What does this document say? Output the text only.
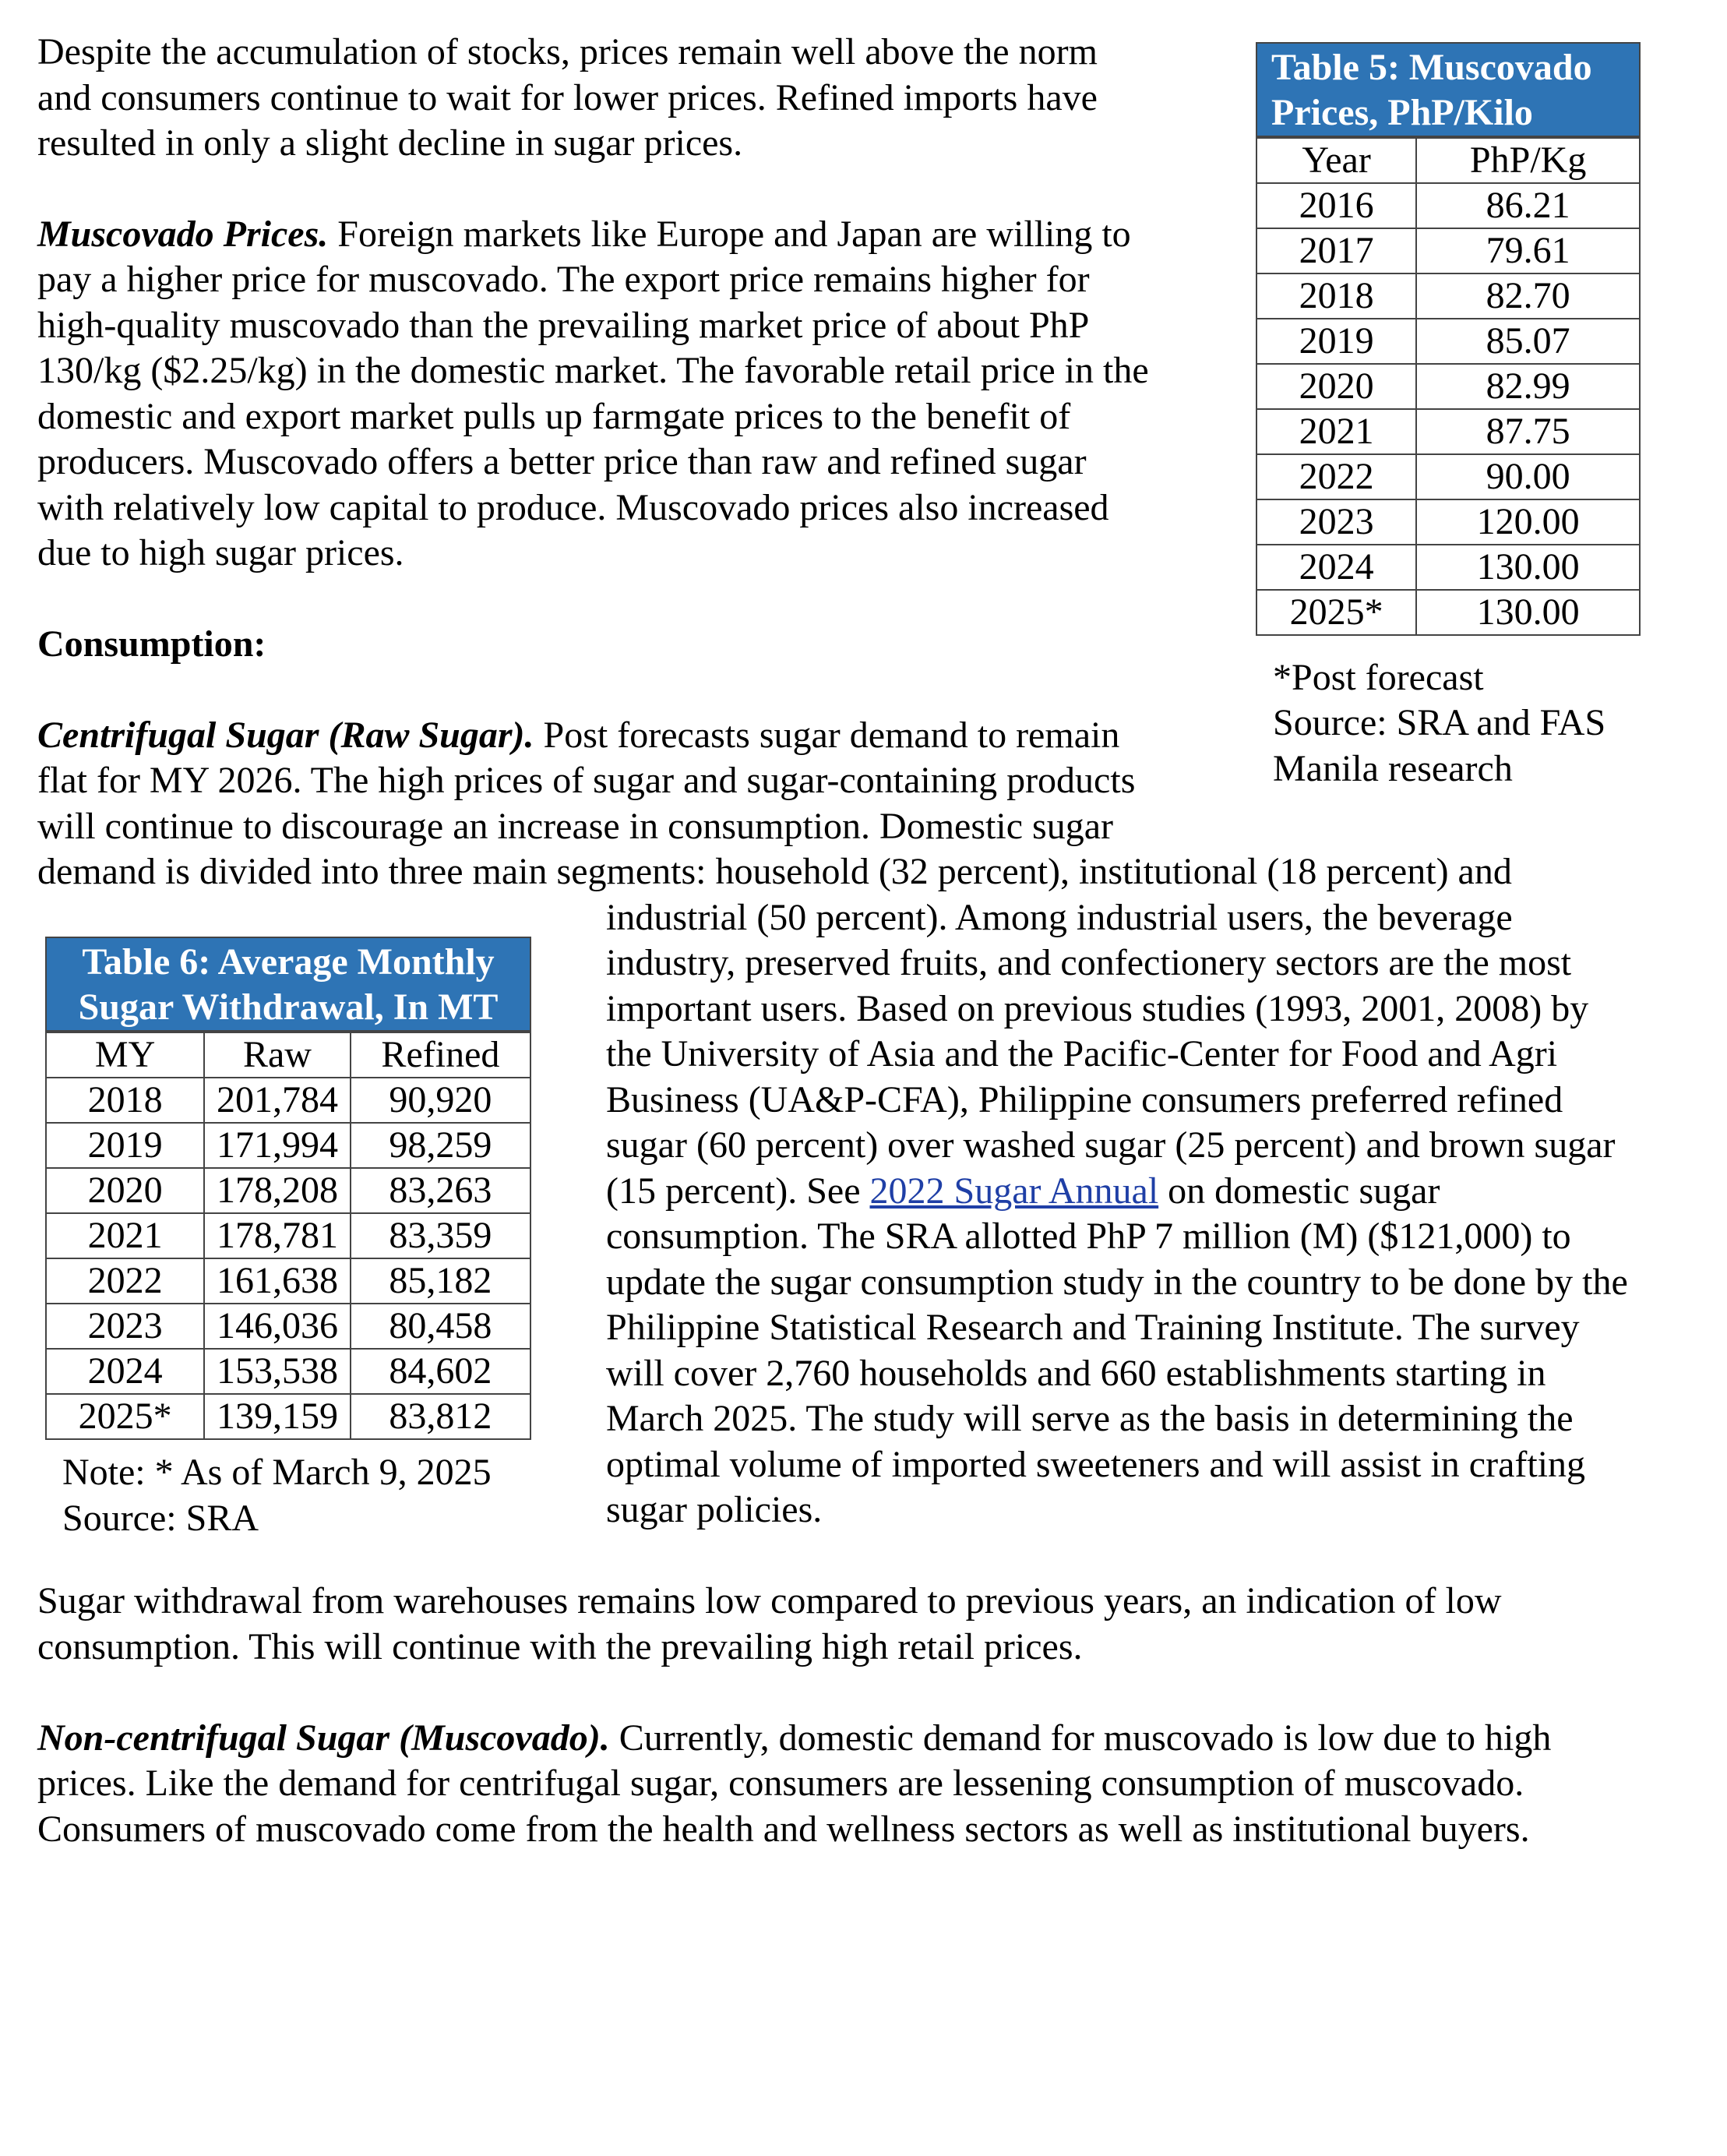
Despite the accumulation of stocks, prices remain well above the norm
and consumers continue to wait for lower prices. Refined imports have
resulted in only a slight decline in sugar prices.
Muscovado Prices. Foreign markets like Europe and Japan are willing to
pay a higher price for muscovado. The export price remains higher for
high-quality muscovado than the prevailing market price of about PhP
130/kg ($2.25/kg) in the domestic market. The favorable retail price in the
domestic and export market pulls up farmgate prices to the benefit of
producers. Muscovado offers a better price than raw and refined sugar
with relatively low capital to produce. Muscovado prices also increased
due to high sugar prices.
Consumption:
Centrifugal Sugar (Raw Sugar). Post forecasts sugar demand to remain
flat for MY 2026. The high prices of sugar and sugar-containing products
will continue to discourage an increase in consumption. Domestic sugar
demand is divided into three main segments: household (32 percent), institutional (18 percent) and
industrial (50 percent). Among industrial users, the beverage
industry, preserved fruits, and confectionery sectors are the most
important users. Based on previous studies (1993, 2001, 2008) by
the University of Asia and the Pacific-Center for Food and Agri
Business (UA&P-CFA), Philippine consumers preferred refined
sugar (60 percent) over washed sugar (25 percent) and brown sugar
(15 percent). See 2022 Sugar Annual on domestic sugar
consumption. The SRA allotted PhP 7 million (M) ($121,000) to
update the sugar consumption study in the country to be done by the
Philippine Statistical Research and Training Institute. The survey
will cover 2,760 households and 660 establishments starting in
March 2025. The study will serve as the basis in determining the
optimal volume of imported sweeteners and will assist in crafting
sugar policies.
Sugar withdrawal from warehouses remains low compared to previous years, an indication of low
consumption. This will continue with the prevailing high retail prices.
Non-centrifugal Sugar (Muscovado). Currently, domestic demand for muscovado is low due to high
prices. Like the demand for centrifugal sugar, consumers are lessening consumption of muscovado.
Consumers of muscovado come from the health and wellness sectors as well as institutional buyers.
Table 5: Muscovado
Prices, PhP/Kilo
Year	PhP/Kg
2016	86.21
2017	79.61
2018	82.70
2019	85.07
2020	82.99
2021	87.75
2022	90.00
2023	120.00
2024	130.00
2025*	130.00
*Post forecast
Source: SRA and FAS
Manila research
Table 6: Average Monthly
Sugar Withdrawal, In MT
MY	Raw	Refined
2018	201,784	90,920
2019	171,994	98,259
2020	178,208	83,263
2021	178,781	83,359
2022	161,638	85,182
2023	146,036	80,458
2024	153,538	84,602
2025*	139,159	83,812
Note: * As of March 9, 2025
Source: SRA
